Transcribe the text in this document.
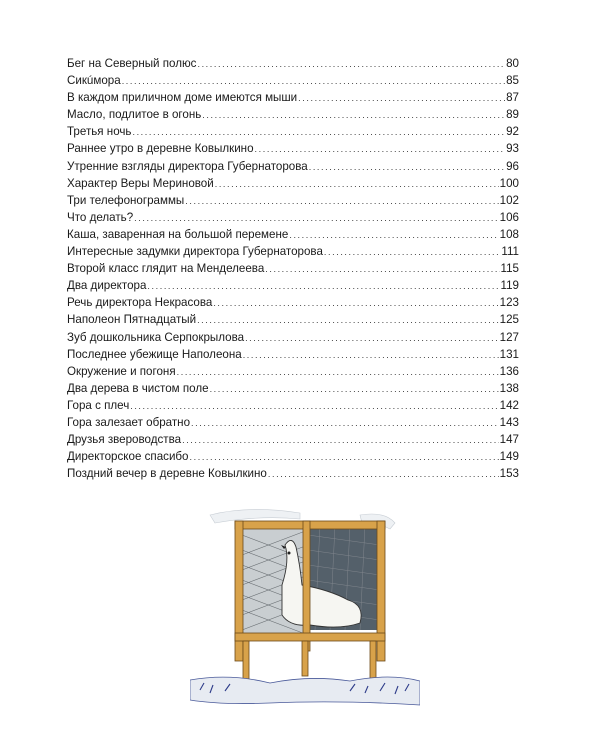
Бег на Северный полюс .....	80
Сикúмора .....	85
В каждом приличном доме имеются мыши .....	87
Масло, подлитое в огонь .....	89
Третья ночь .....	92
Раннее утро в деревне Ковылкино .....	93
Утренние взгляды директора Губернаторова .....	96
Характер Веры Мериновой .....	100
Три телефонограммы .....	102
Что делать? .....	106
Каша, заваренная на большой перемене .....	108
Интересные задумки директора Губернаторова .....	111
Второй класс глядит на Менделеева .....	115
Два директора .....	119
Речь директора Некрасова .....	123
Наполеон Пятнадцатый .....	125
Зуб дошкольника Серпокрылова .....	127
Последнее убежище Наполеона .....	131
Окружение и погоня .....	136
Два дерева в чистом поле .....	138
Гора с плеч .....	142
Гора залезает обратно .....	143
Друзья звероводства .....	147
Директорское спасибо .....	149
Поздний вечер в деревне Ковылкино .....	153
